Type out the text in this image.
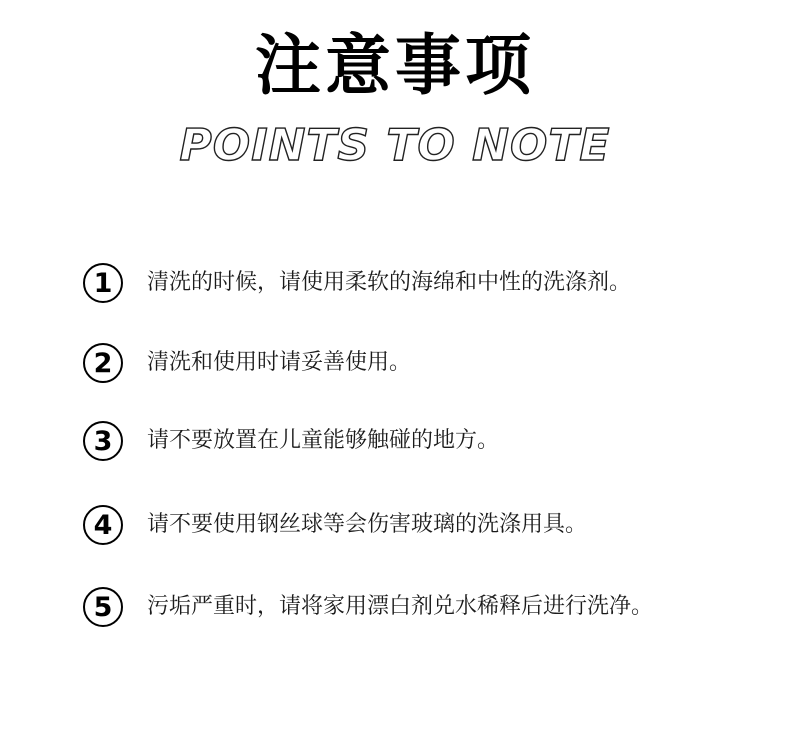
注意事项
POINTS TO NOTE
1	清洗的时候，请使用柔软的海绵和中性的洗涤剂。
2	清洗和使用时请妥善使用。
3	请不要放置在儿童能够触碰的地方。
4	请不要使用钢丝球等会伤害玻璃的洗涤用具。
5	污垢严重时，请将家用漂白剂兑水稀释后进行洗净。
